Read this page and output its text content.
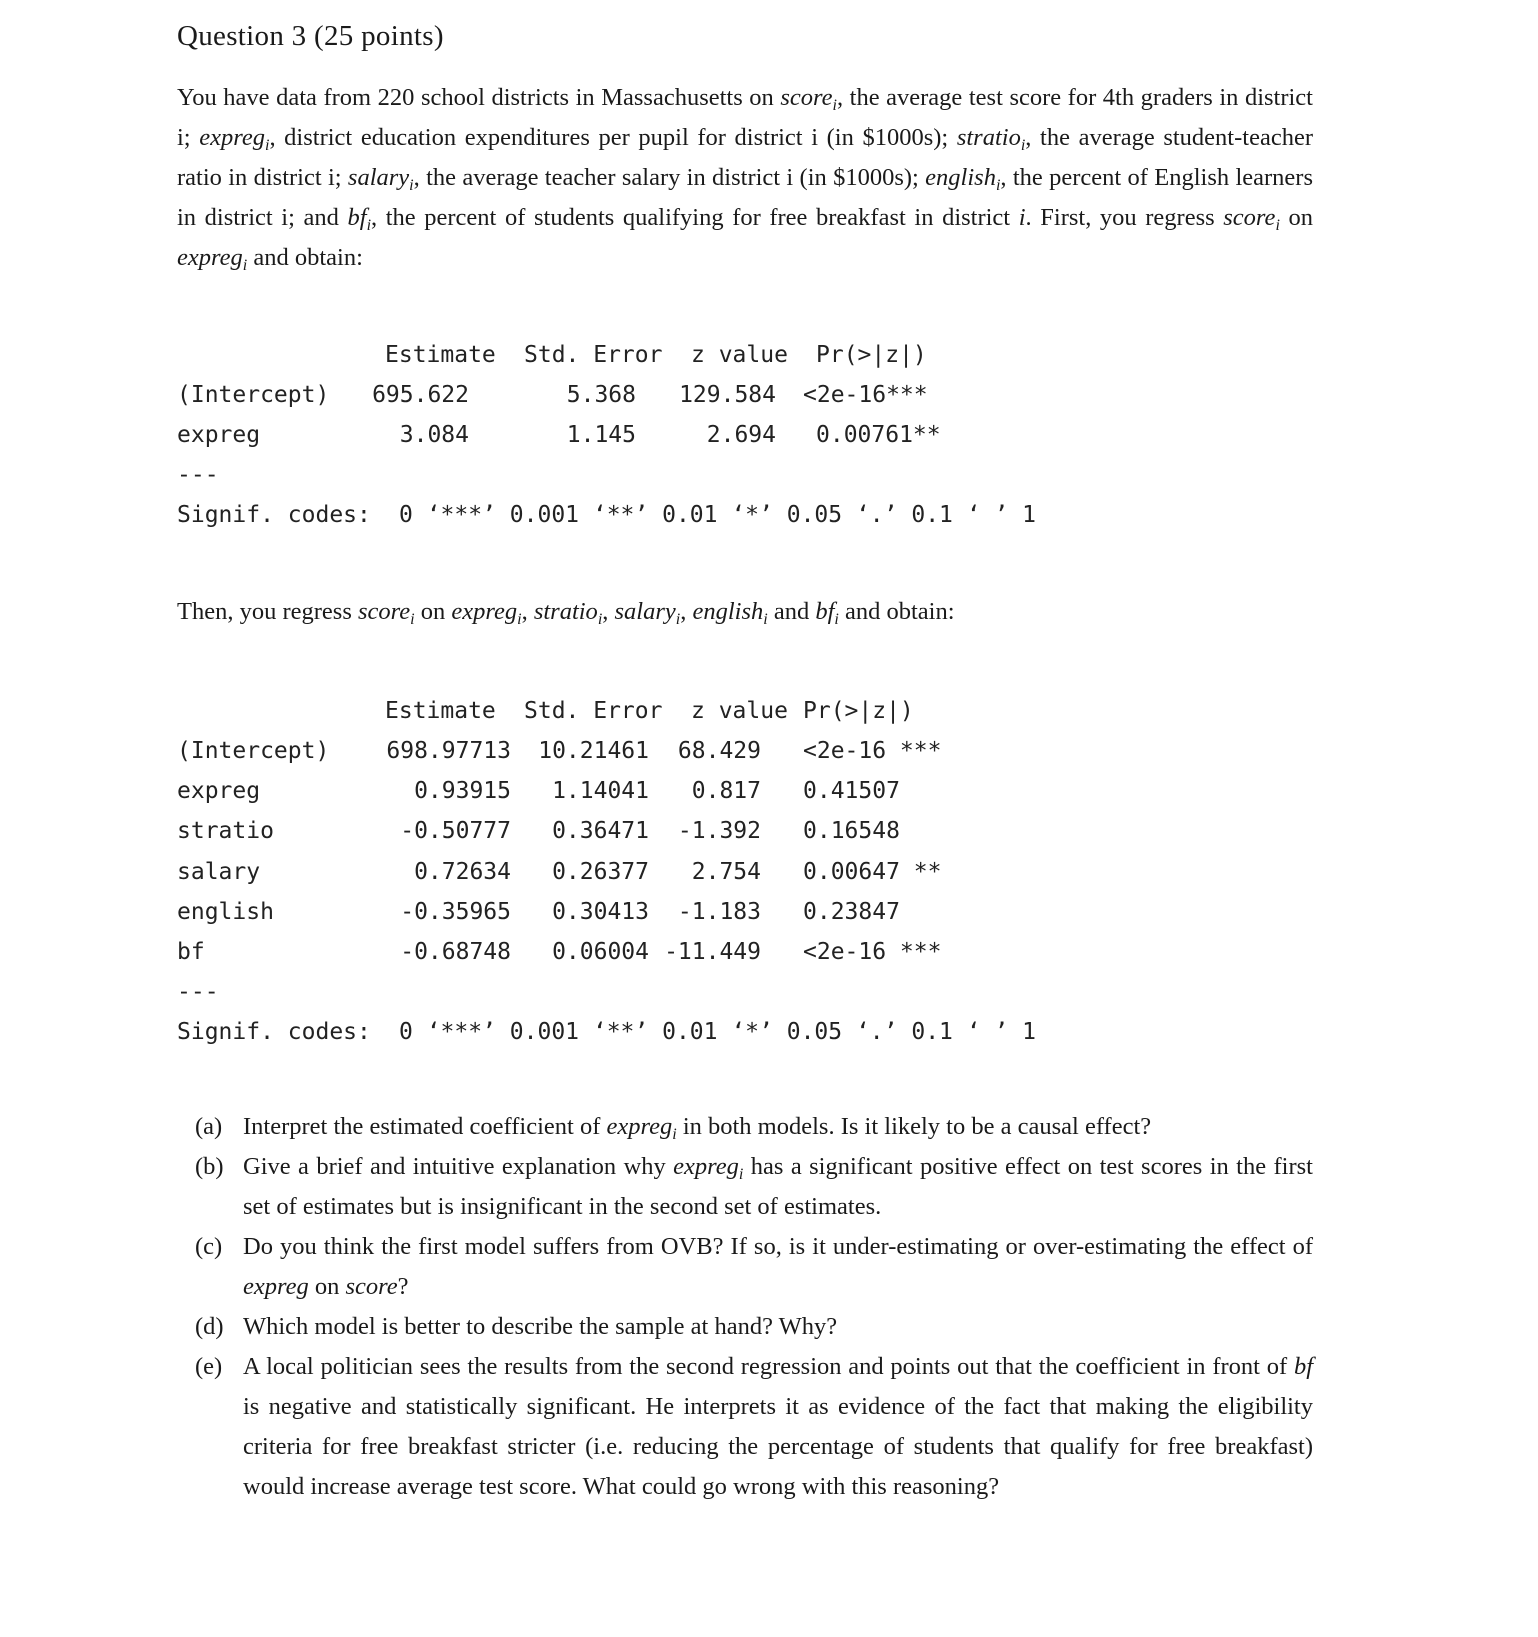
Question 3 (25 points)
You have data from 220 school districts in Massachusetts on score$_i$, the average test score for 4th graders in district i; expreg$_i$, district education expenditures per pupil for district i (in $1000s); stratio$_i$, the average student-teacher ratio in district i; salary$_i$, the average teacher salary in district i (in $1000s); english$_i$, the percent of English learners in district i; and $bf_i$, the percent of students qualifying for free breakfast in district i. First, you regress score$_i$ on expreg$_i$ and obtain:
Estimate Std. Error z value Pr(>|z|)
(Intercept)	695.622	5.368	129.584 <2e-16***
expreg	3.084	1.145	2.694 0.00761**
---
Signif. codes: 0 ‘***’ 0.001 ‘**’ 0.01 ‘*’ 0.05 ‘.’ 0.1 ‘ ’ 1
Then, you regress score$_i$ on expreg$_i$, stratio$_i$, salary$_i$, english$_i$ and $bf_i$ and obtain:
Estimate Std. Error z value Pr(>|z|)
(Intercept)	698.97713	10.21461	68.429 <2e-16 ***
expreg	0.93915	1.14041	0.817 0.41507
stratio	-0.50777	0.36471	-1.392 0.16548
salary	0.72634	0.26377	2.754 0.00647 **
english	-0.35965	0.30413	-1.183 0.23847
bf	-0.68748	0.06004 -11.449 <2e-16 ***
---
Signif. codes: 0 ‘***’ 0.001 ‘**’ 0.01 ‘*’ 0.05 ‘.’ 0.1 ‘ ’ 1
(a) Interpret the estimated coefficient of expreg$_i$ in both models. Is it likely to be a causal effect?
(b) Give a brief and intuitive explanation why expreg$_i$ has a significant positive effect on test scores in the first set of estimates but is insignificant in the second set of estimates.
(c) Do you think the first model suffers from OVB? If so, is it under-estimating or over-estimating the effect of expreg on score?
(d) Which model is better to describe the sample at hand? Why?
(e) A local politician sees the results from the second regression and points out that the coefficient in front of bf is negative and statistically significant. He interprets it as evidence of the fact that making the eligibility criteria for free breakfast stricter (i.e. reducing the percentage of students that qualify for free breakfast) would increase average test score. What could go wrong with this reasoning?
